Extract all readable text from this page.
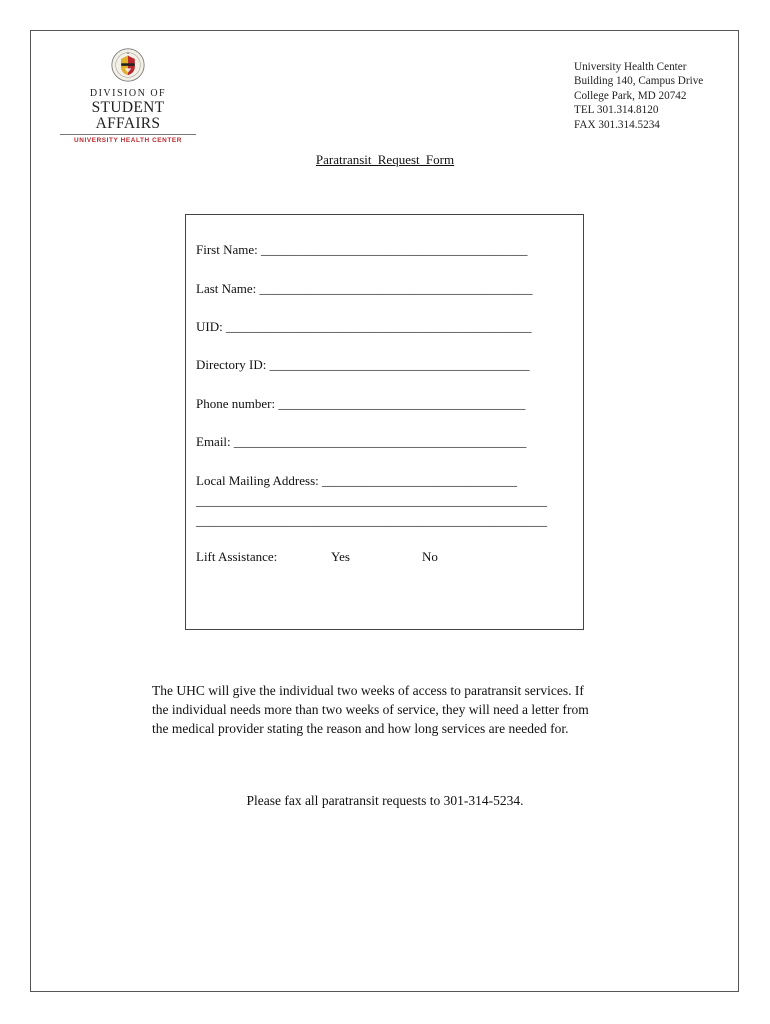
DIVISION OF
STUDENT AFFAIRS
UNIVERSITY HEALTH CENTER
University Health Center
Building 140, Campus Drive
College Park, MD 20742
TEL 301.314.8120
FAX 301.314.5234
Paratransit Request Form
First Name: _________________________________________
Last Name: __________________________________________
UID: _______________________________________________
Directory ID: ________________________________________
Phone number: ______________________________________
Email: _____________________________________________
Local Mailing Address: ______________________________
______________________________________________________
______________________________________________________
Lift Assistance:	Yes	No
The UHC will give the individual two weeks of access to paratransit services. If
the individual needs more than two weeks of service, they will need a letter from
the medical provider stating the reason and how long services are needed for.
Please fax all paratransit requests to 301-314-5234.
